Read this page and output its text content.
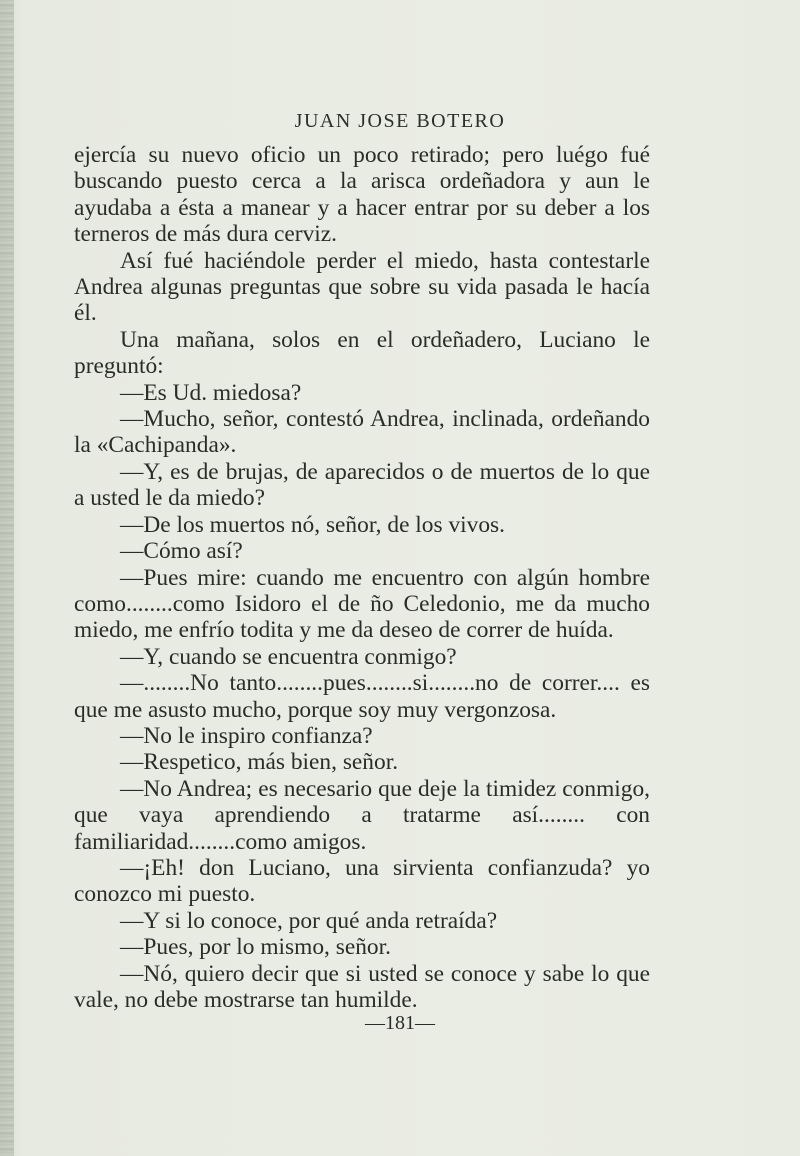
JUAN JOSE BOTERO

ejercía su nuevo oficio un poco retirado; pero luégo fué buscando puesto cerca a la arisca ordeñadora y aun le ayudaba a ésta a manear y a hacer entrar por su deber a los terneros de más dura cerviz.

Así fué haciéndole perder el miedo, hasta contestarle Andrea algunas preguntas que sobre su vida pasada le hacía él.

Una mañana, solos en el ordeñadero, Luciano le preguntó:

—Es Ud. miedosa?

—Mucho, señor, contestó Andrea, inclinada, ordeñando la «Cachipanda».

—Y, es de brujas, de aparecidos o de muertos de lo que a usted le da miedo?

—De los muertos nó, señor, de los vivos.

—Cómo así?

—Pues mire: cuando me encuentro con algún hombre como........como Isidoro el de ño Celedonio, me da mucho miedo, me enfrío todita y me da deseo de correr de huída.

—Y, cuando se encuentra conmigo?

—........No tanto........pues........si........no de correr.... es que me asusto mucho, porque soy muy vergonzosa.

—No le inspiro confianza?

—Respetico, más bien, señor.

—No Andrea; es necesario que deje la timidez conmigo, que vaya aprendiendo a tratarme así........ con familiaridad........como amigos.

—¡Eh! don Luciano, una sirvienta confianzuda? yo conozco mi puesto.

—Y si lo conoce, por qué anda retraída?

—Pues, por lo mismo, señor.

—Nó, quiero decir que si usted se conoce y sabe lo que vale, no debe mostrarse tan humilde.

—181—
